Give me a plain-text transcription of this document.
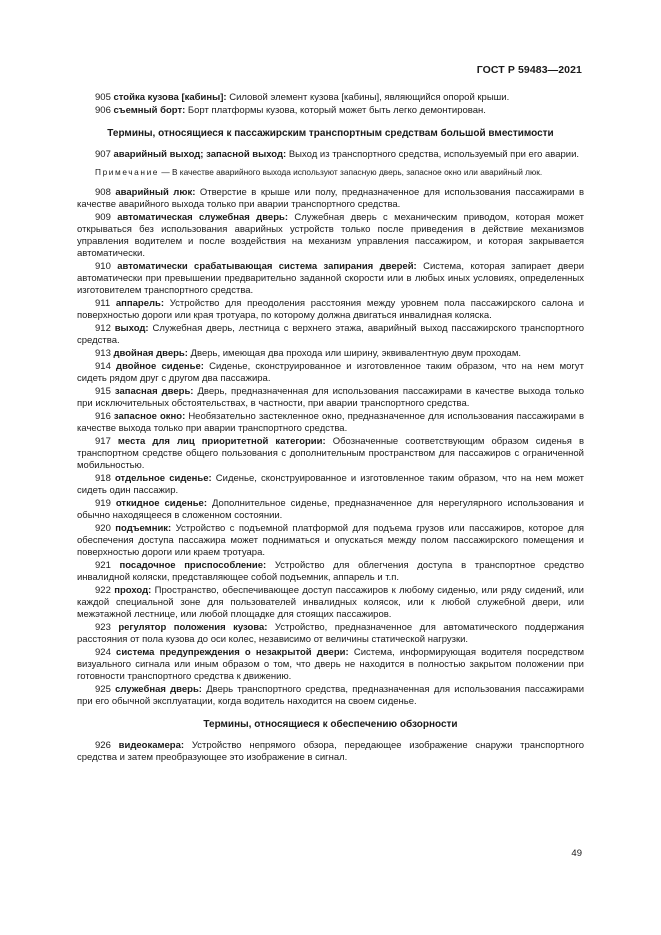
ГОСТ Р 59483—2021

905 стойка кузова [кабины]: Силовой элемент кузова [кабины], являющийся опорой крыши.

906 съемный борт: Борт платформы кузова, который может быть легко демонтирован.

Термины, относящиеся к пассажирским транспортным средствам большой вместимости

907 аварийный выход; запасной выход: Выход из транспортного средства, используемый при его аварии.

Примечание — В качестве аварийного выхода используют запасную дверь, запасное окно или аварийный люк.

908 аварийный люк: Отверстие в крыше или полу, предназначенное для использования пассажирами в качестве аварийного выхода только при аварии транспортного средства.

909 автоматическая служебная дверь: Служебная дверь с механическим приводом, которая может открываться без использования аварийных устройств только после приведения в действие механизмов управления водителем и после воздействия на механизм управления пассажиром, и которая закрывается автоматически.

910 автоматически срабатывающая система запирания дверей: Система, которая запирает двери автоматически при превышении предварительно заданной скорости или в любых иных условиях, определенных изготовителем транспортного средства.

911 аппарель: Устройство для преодоления расстояния между уровнем пола пассажирского салона и поверхностью дороги или края тротуара, по которому должна двигаться инвалидная коляска.

912 выход: Служебная дверь, лестница с верхнего этажа, аварийный выход пассажирского транспортного средства.

913 двойная дверь: Дверь, имеющая два прохода или ширину, эквивалентную двум проходам.

914 двойное сиденье: Сиденье, сконструированное и изготовленное таким образом, что на нем могут сидеть рядом друг с другом два пассажира.

915 запасная дверь: Дверь, предназначенная для использования пассажирами в качестве выхода только при исключительных обстоятельствах, в частности, при аварии транспортного средства.

916 запасное окно: Необязательно застекленное окно, предназначенное для использования пассажирами в качестве выхода только при аварии транспортного средства.

917 места для лиц приоритетной категории: Обозначенные соответствующим образом сиденья в транспортном средстве общего пользования с дополнительным пространством для пассажиров с ограниченной мобильностью.

918 отдельное сиденье: Сиденье, сконструированное и изготовленное таким образом, что на нем может сидеть один пассажир.

919 откидное сиденье: Дополнительное сиденье, предназначенное для нерегулярного использования и обычно находящееся в сложенном состоянии.

920 подъемник: Устройство с подъемной платформой для подъема грузов или пассажиров, которое для обеспечения доступа пассажира может подниматься и опускаться между полом пассажирского помещения и поверхностью дороги или краем тротуара.

921 посадочное приспособление: Устройство для облегчения доступа в транспортное средство инвалидной коляски, представляющее собой подъемник, аппарель и т.п.

922 проход: Пространство, обеспечивающее доступ пассажиров к любому сиденью, или ряду сидений, или каждой специальной зоне для пользователей инвалидных колясок, или к любой служебной двери, или межэтажной лестнице, или любой площадке для стоящих пассажиров.

923 регулятор положения кузова: Устройство, предназначенное для автоматического поддержания расстояния от пола кузова до оси колес, независимо от величины статической нагрузки.

924 система предупреждения о незакрытой двери: Система, информирующая водителя посредством визуального сигнала или иным образом о том, что дверь не находится в полностью закрытом положении при готовности транспортного средства к движению.

925 служебная дверь: Дверь транспортного средства, предназначенная для использования пассажирами при его обычной эксплуатации, когда водитель находится на своем сиденье.

Термины, относящиеся к обеспечению обзорности

926 видеокамера: Устройство непрямого обзора, передающее изображение снаружи транспортного средства и затем преобразующее это изображение в сигнал.

49
